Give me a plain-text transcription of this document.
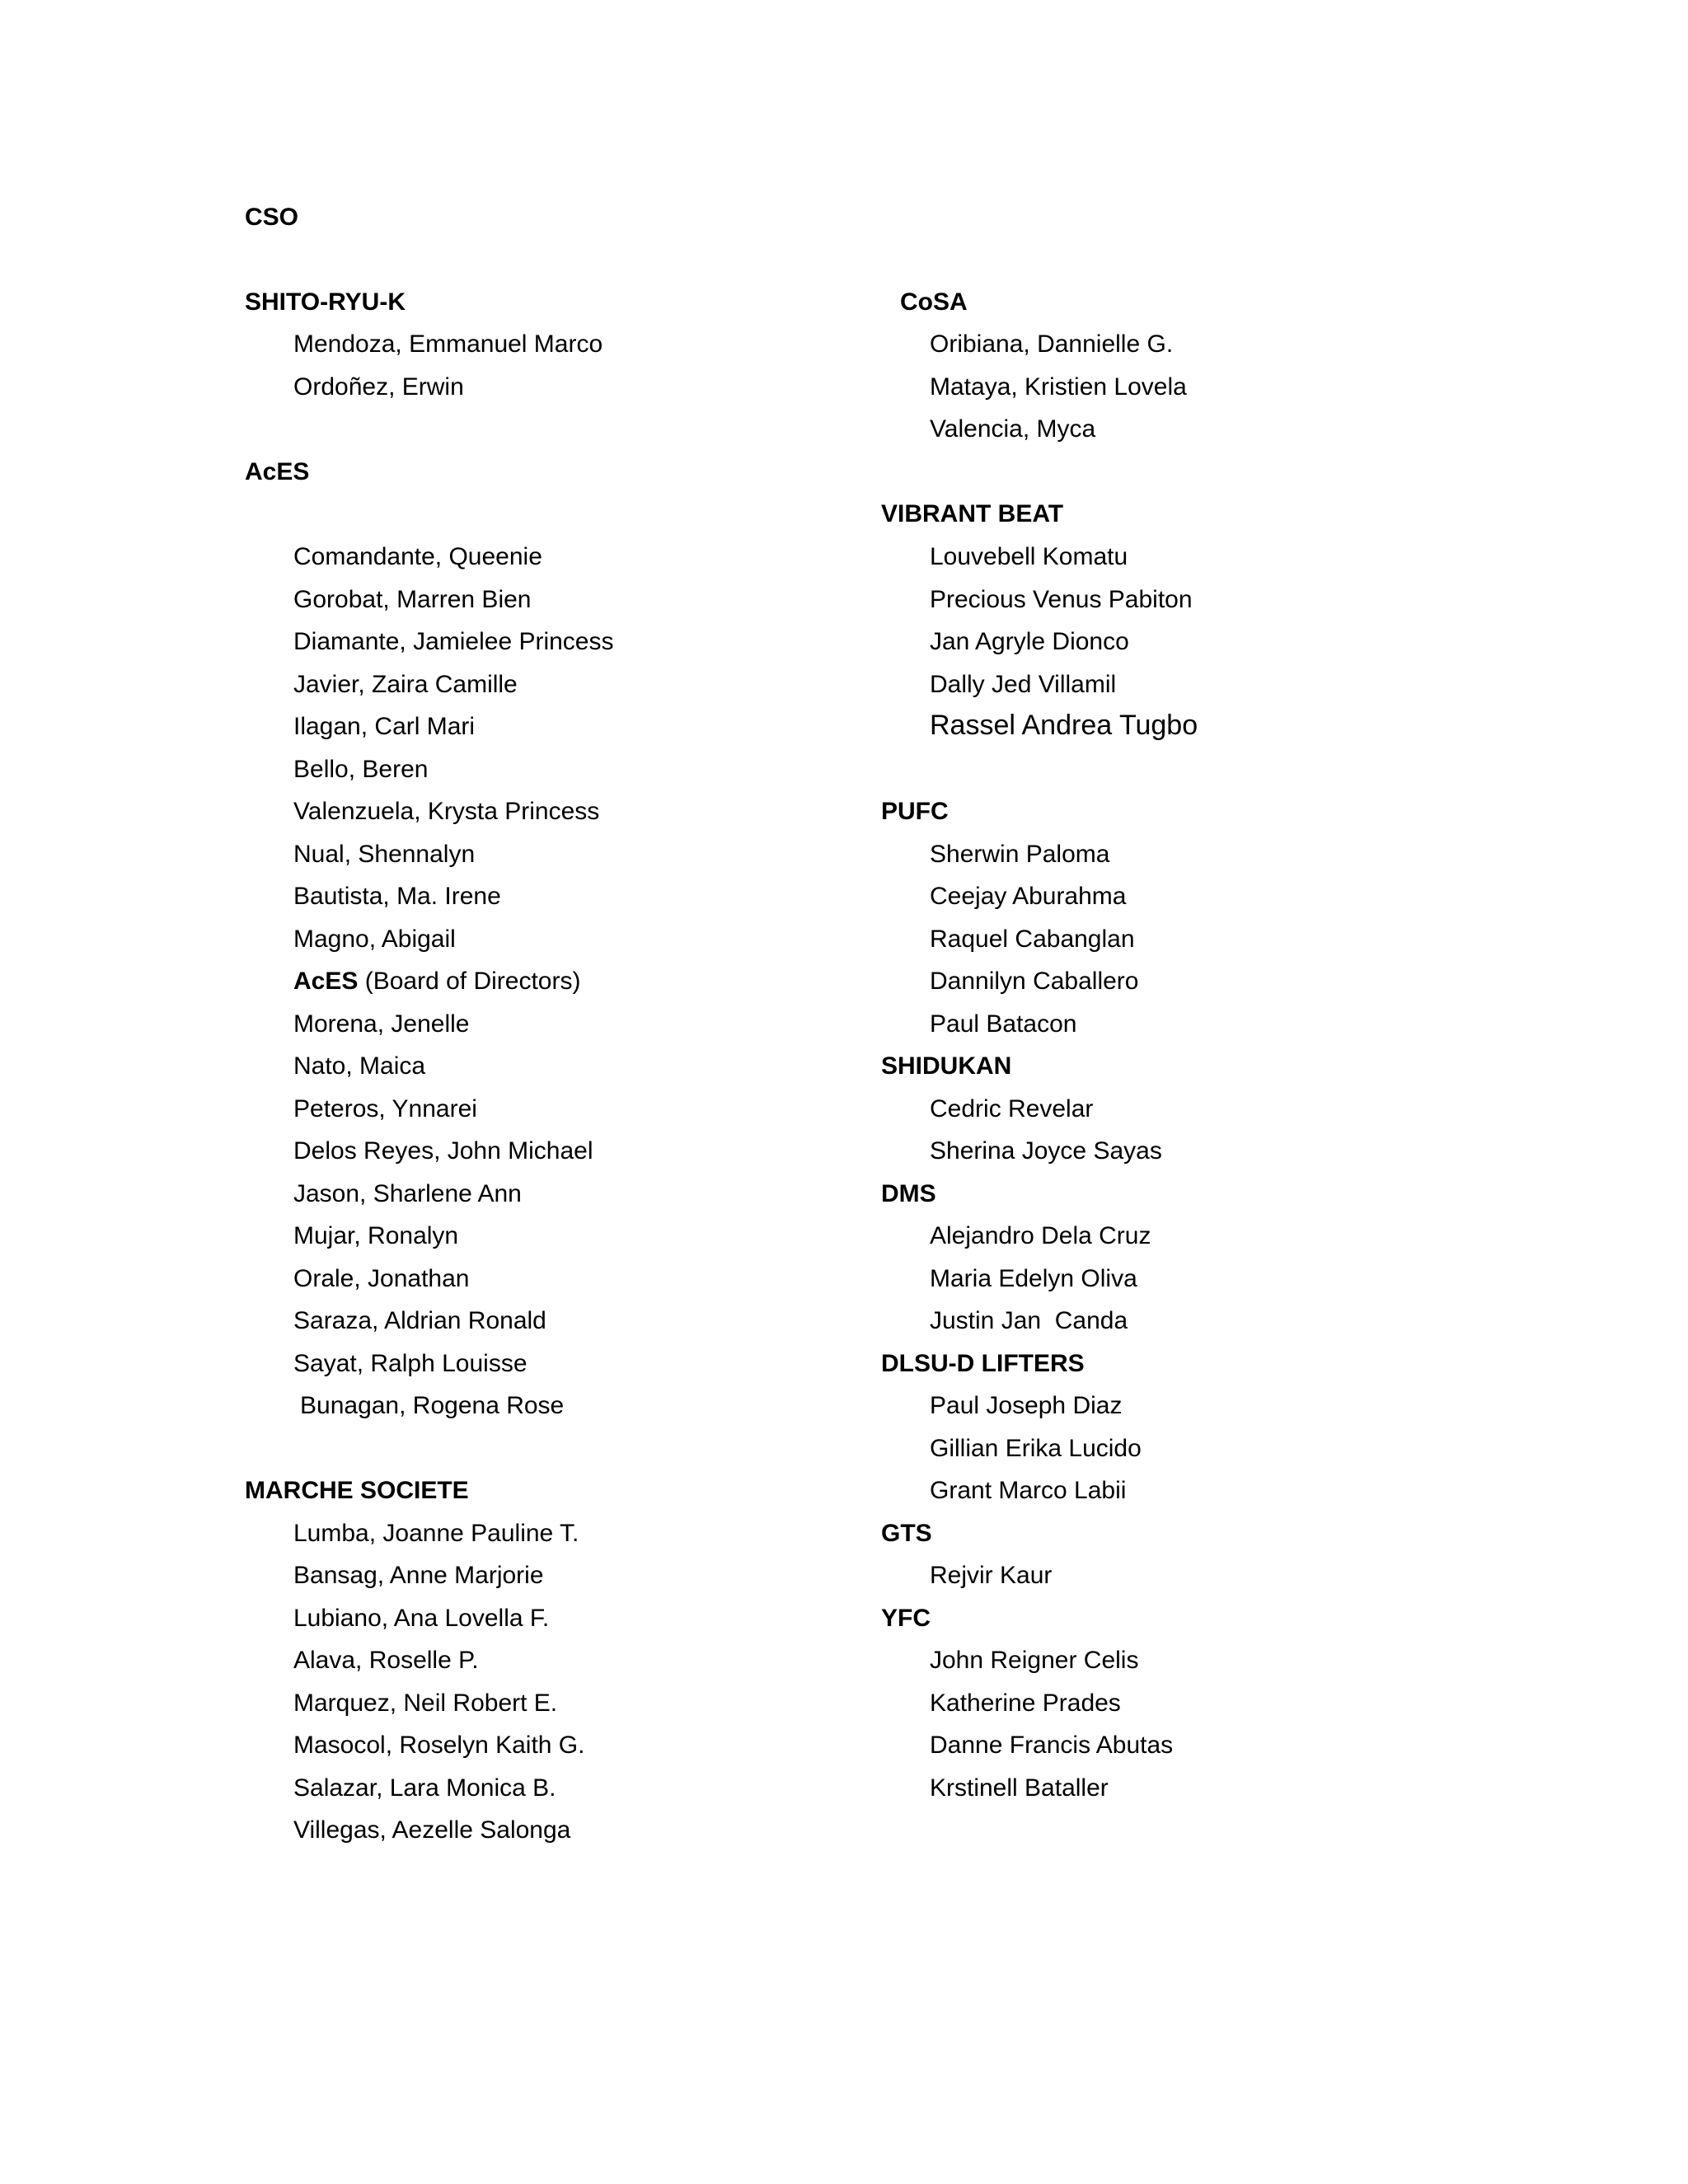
CSO
SHITO-RYU-K
Mendoza, Emmanuel Marco
Ordoñez, Erwin
AcES
Comandante, Queenie
Gorobat, Marren Bien
Diamante, Jamielee Princess
Javier, Zaira Camille
Ilagan, Carl Mari
Bello, Beren
Valenzuela, Krysta Princess
Nual, Shennalyn
Bautista, Ma. Irene
Magno, Abigail
AcES (Board of Directors)
Morena, Jenelle
Nato, Maica
Peteros, Ynnarei
Delos Reyes, John Michael
Jason, Sharlene Ann
Mujar, Ronalyn
Orale, Jonathan
Saraza, Aldrian Ronald
Sayat, Ralph Louisse
Bunagan, Rogena Rose
MARCHE SOCIETE
Lumba, Joanne Pauline T.
Bansag, Anne Marjorie
Lubiano, Ana Lovella F.
Alava, Roselle P.
Marquez, Neil Robert E.
Masocol, Roselyn Kaith G.
Salazar, Lara Monica B.
Villegas, Aezelle Salonga
CoSA
Oribiana, Dannielle G.
Mataya, Kristien Lovela
Valencia, Myca
VIBRANT BEAT
Louvebell Komatu
Precious Venus Pabiton
Jan Agryle Dionco
Dally Jed Villamil
Rassel Andrea Tugbo
PUFC
Sherwin Paloma
Ceejay Aburahma
Raquel Cabanglan
Dannilyn Caballero
Paul Batacon
SHIDUKAN
Cedric Revelar
Sherina Joyce Sayas
DMS
Alejandro Dela Cruz
Maria Edelyn Oliva
Justin Jan  Canda
DLSU-D LIFTERS
Paul Joseph Diaz
Gillian Erika Lucido
Grant Marco Labii
GTS
Rejvir Kaur
YFC
John Reigner Celis
Katherine Prades
Danne Francis Abutas
Krstinell Bataller
